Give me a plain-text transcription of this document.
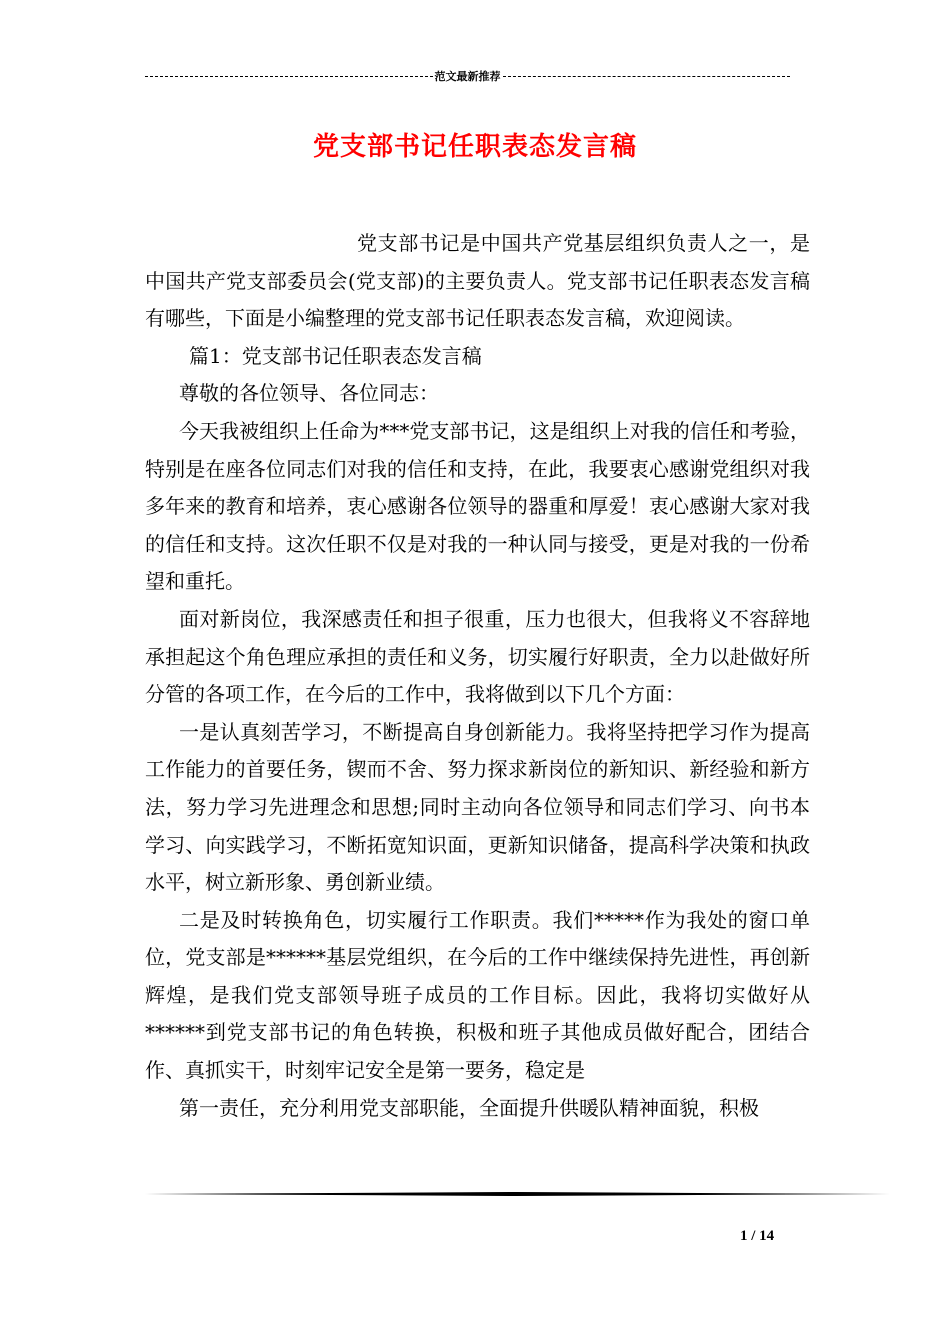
范文最新推荐
党支部书记任职表态发言稿

党支部书记是中国共产党基层组织负责人之一，是中国共产党支部委员会(党支部)的主要负责人。党支部书记任职表态发言稿有哪些，下面是小编整理的党支部书记任职表态发言稿，欢迎阅读。

篇1：党支部书记任职表态发言稿

尊敬的各位领导、各位同志：

今天我被组织上任命为***党支部书记，这是组织上对我的信任和考验，特别是在座各位同志们对我的信任和支持，在此，我要衷心感谢党组织对我多年来的教育和培养，衷心感谢各位领导的器重和厚爱！衷心感谢大家对我的信任和支持。这次任职不仅是对我的一种认同与接受，更是对我的一份希望和重托。

面对新岗位，我深感责任和担子很重，压力也很大，但我将义不容辞地承担起这个角色理应承担的责任和义务，切实履行好职责，全力以赴做好所分管的各项工作，在今后的工作中，我将做到以下几个方面：

一是认真刻苦学习，不断提高自身创新能力。我将坚持把学习作为提高工作能力的首要任务，锲而不舍、努力探求新岗位的新知识、新经验和新方法，努力学习先进理念和思想;同时主动向各位领导和同志们学习、向书本学习、向实践学习，不断拓宽知识面，更新知识储备，提高科学决策和执政水平，树立新形象、勇创新业绩。

二是及时转换角色，切实履行工作职责。我们*****作为我处的窗口单位，党支部是******基层党组织，在今后的工作中继续保持先进性，再创新辉煌，是我们党支部领导班子成员的工作目标。因此，我将切实做好从******到党支部书记的角色转换，积极和班子其他成员做好配合，团结合作、真抓实干，时刻牢记安全是第一要务，稳定是

第一责任，充分利用党支部职能，全面提升供暖队精神面貌，积极

1 / 14
